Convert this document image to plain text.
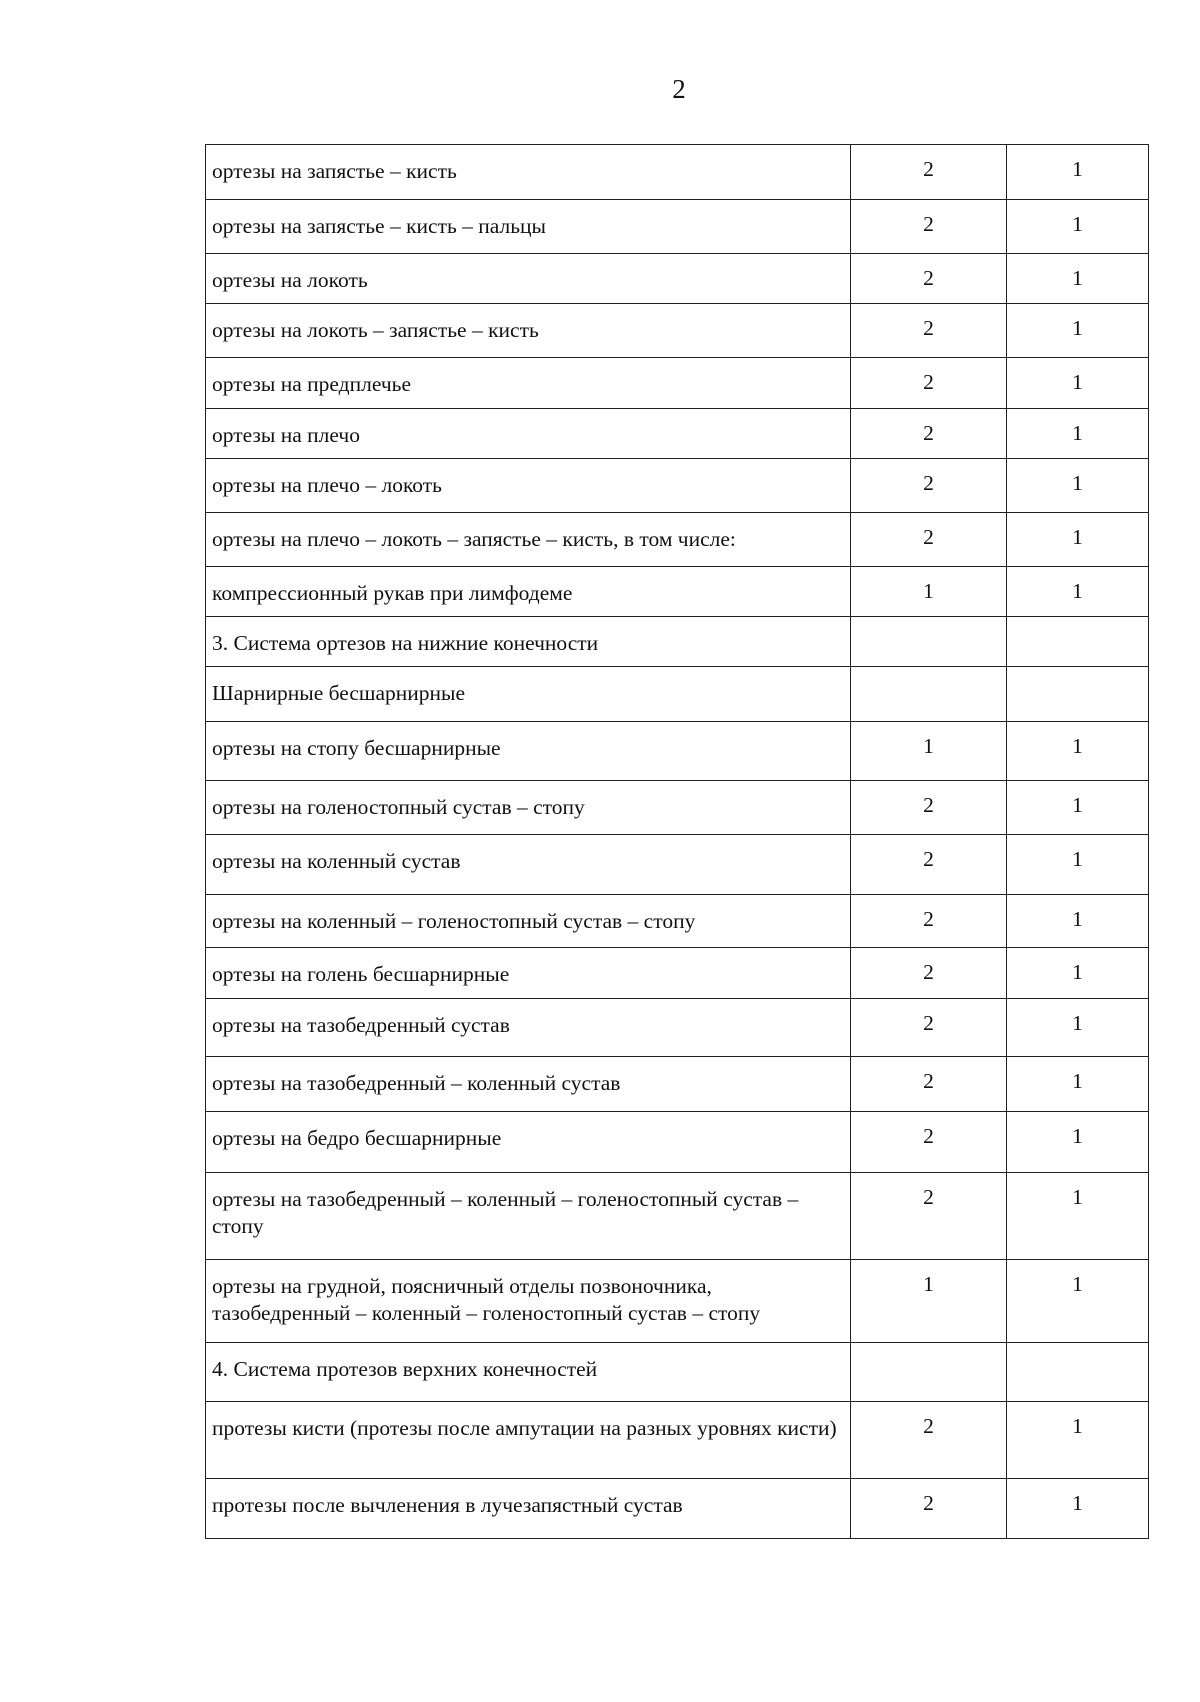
2
ортезы на запястье – кисть	2	1
ортезы на запястье – кисть – пальцы	2	1
ортезы на локоть	2	1
ортезы на локоть – запястье – кисть	2	1
ортезы на предплечье	2	1
ортезы на плечо	2	1
ортезы на плечо – локоть	2	1
ортезы на плечо – локоть – запястье – кисть, в том числе:	2	1
компрессионный рукав при лимфодеме	1	1
3. Система ортезов на нижние конечности		
Шарнирные бесшарнирные		
ортезы на стопу бесшарнирные	1	1
ортезы на голеностопный сустав – стопу	2	1
ортезы на коленный сустав	2	1
ортезы на коленный – голеностопный сустав – стопу	2	1
ортезы на голень бесшарнирные	2	1
ортезы на тазобедренный сустав	2	1
ортезы на тазобедренный – коленный сустав	2	1
ортезы на бедро бесшарнирные	2	1
ортезы на тазобедренный – коленный – голеностопный сустав – стопу	2	1
ортезы на грудной, поясничный отделы позвоночника, тазобедренный – коленный – голеностопный сустав – стопу	1	1
4. Система протезов верхних конечностей		
протезы кисти (протезы после ампутации на разных уровнях кисти)	2	1
протезы после вычленения в лучезапястный сустав	2	1
